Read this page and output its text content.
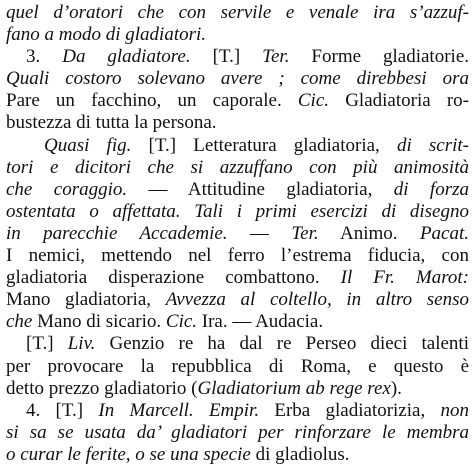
quel d’oratori che con servile e venale ira s’azzuf-
fano a modo di gladiatori.
3. Da gladiatore. [T.] Ter. Forme gladiatorie.
Quali costoro solevano avere ; come direbbesi ora
Pare un facchino, un caporale. Cic. Gladiatoria ro-
bustezza di tutta la persona.
Quasi fig. [T.] Letteratura gladiatoria, di scrit-
tori e dicitori che si azzuffano con più animosità
che coraggio. — Attitudine gladiatoria, di forza
ostentata o affettata. Tali i primi esercizi di disegno
in parecchie Accademie. — Ter. Animo. Pacat.
I nemici, mettendo nel ferro l’estrema fiducia, con
gladiatoria disperazione combattono. Il Fr. Marot:
Mano gladiatoria, Avvezza al coltello, in altro senso
che Mano di sicario. Cic. Ira. — Audacia.
[T.] Liv. Genzio re ha dal re Perseo dieci talenti
per provocare la repubblica di Roma, e questo è
detto prezzo gladiatorio (Gladiatorium ab rege rex).
4. [T.] In Marcell. Empir. Erba gladiatorizia, non
si sa se usata da’ gladiatori per rinforzare le membra
o curar le ferite, o se una specie di gladiolus.
